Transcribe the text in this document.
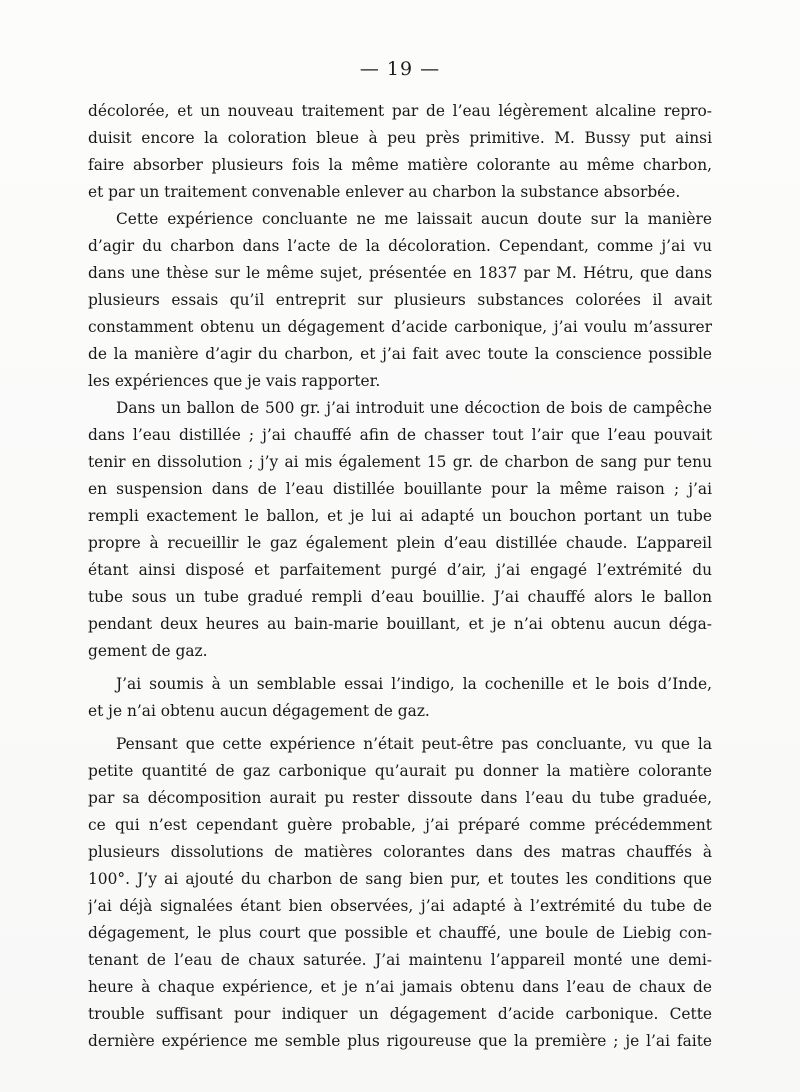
— 19 —
décolorée, et un nouveau traitement par de l’eau légèrement alcaline repro-
duisit encore la coloration bleue à peu près primitive. M. Bussy put ainsi
faire absorber plusieurs fois la même matière colorante au même charbon,
et par un traitement convenable enlever au charbon la substance absorbée.
Cette expérience concluante ne me laissait aucun doute sur la manière
d’agir du charbon dans l’acte de la décoloration. Cependant, comme j’ai vu
dans une thèse sur le même sujet, présentée en 1837 par M. Hétru, que dans
plusieurs essais qu’il entreprit sur plusieurs substances colorées il avait
constamment obtenu un dégagement d’acide carbonique, j’ai voulu m’assurer
de la manière d’agir du charbon, et j’ai fait avec toute la conscience possible
les expériences que je vais rapporter.
Dans un ballon de 500 gr. j’ai introduit une décoction de bois de campêche
dans l’eau distillée ; j’ai chauffé afin de chasser tout l’air que l’eau pouvait
tenir en dissolution ; j’y ai mis également 15 gr. de charbon de sang pur tenu
en suspension dans de l’eau distillée bouillante pour la même raison ; j’ai
rempli exactement le ballon, et je lui ai adapté un bouchon portant un tube
propre à recueillir le gaz également plein d’eau distillée chaude. L’appareil
étant ainsi disposé et parfaitement purgé d’air, j’ai engagé l’extrémité du
tube sous un tube gradué rempli d’eau bouillie. J’ai chauffé alors le ballon
pendant deux heures au bain-marie bouillant, et je n’ai obtenu aucun déga-
gement de gaz.
J’ai soumis à un semblable essai l’indigo, la cochenille et le bois d’Inde,
et je n’ai obtenu aucun dégagement de gaz.
Pensant que cette expérience n’était peut-être pas concluante, vu que la
petite quantité de gaz carbonique qu’aurait pu donner la matière colorante
par sa décomposition aurait pu rester dissoute dans l’eau du tube graduée,
ce qui n’est cependant guère probable, j’ai préparé comme précédemment
plusieurs dissolutions de matières colorantes dans des matras chauffés à
100°. J’y ai ajouté du charbon de sang bien pur, et toutes les conditions que
j’ai déjà signalées étant bien observées, j’ai adapté à l’extrémité du tube de
dégagement, le plus court que possible et chauffé, une boule de Liebig con-
tenant de l’eau de chaux saturée. J’ai maintenu l’appareil monté une demi-
heure à chaque expérience, et je n’ai jamais obtenu dans l’eau de chaux de
trouble suffisant pour indiquer un dégagement d’acide carbonique. Cette
dernière expérience me semble plus rigoureuse que la première ; je l’ai faite
